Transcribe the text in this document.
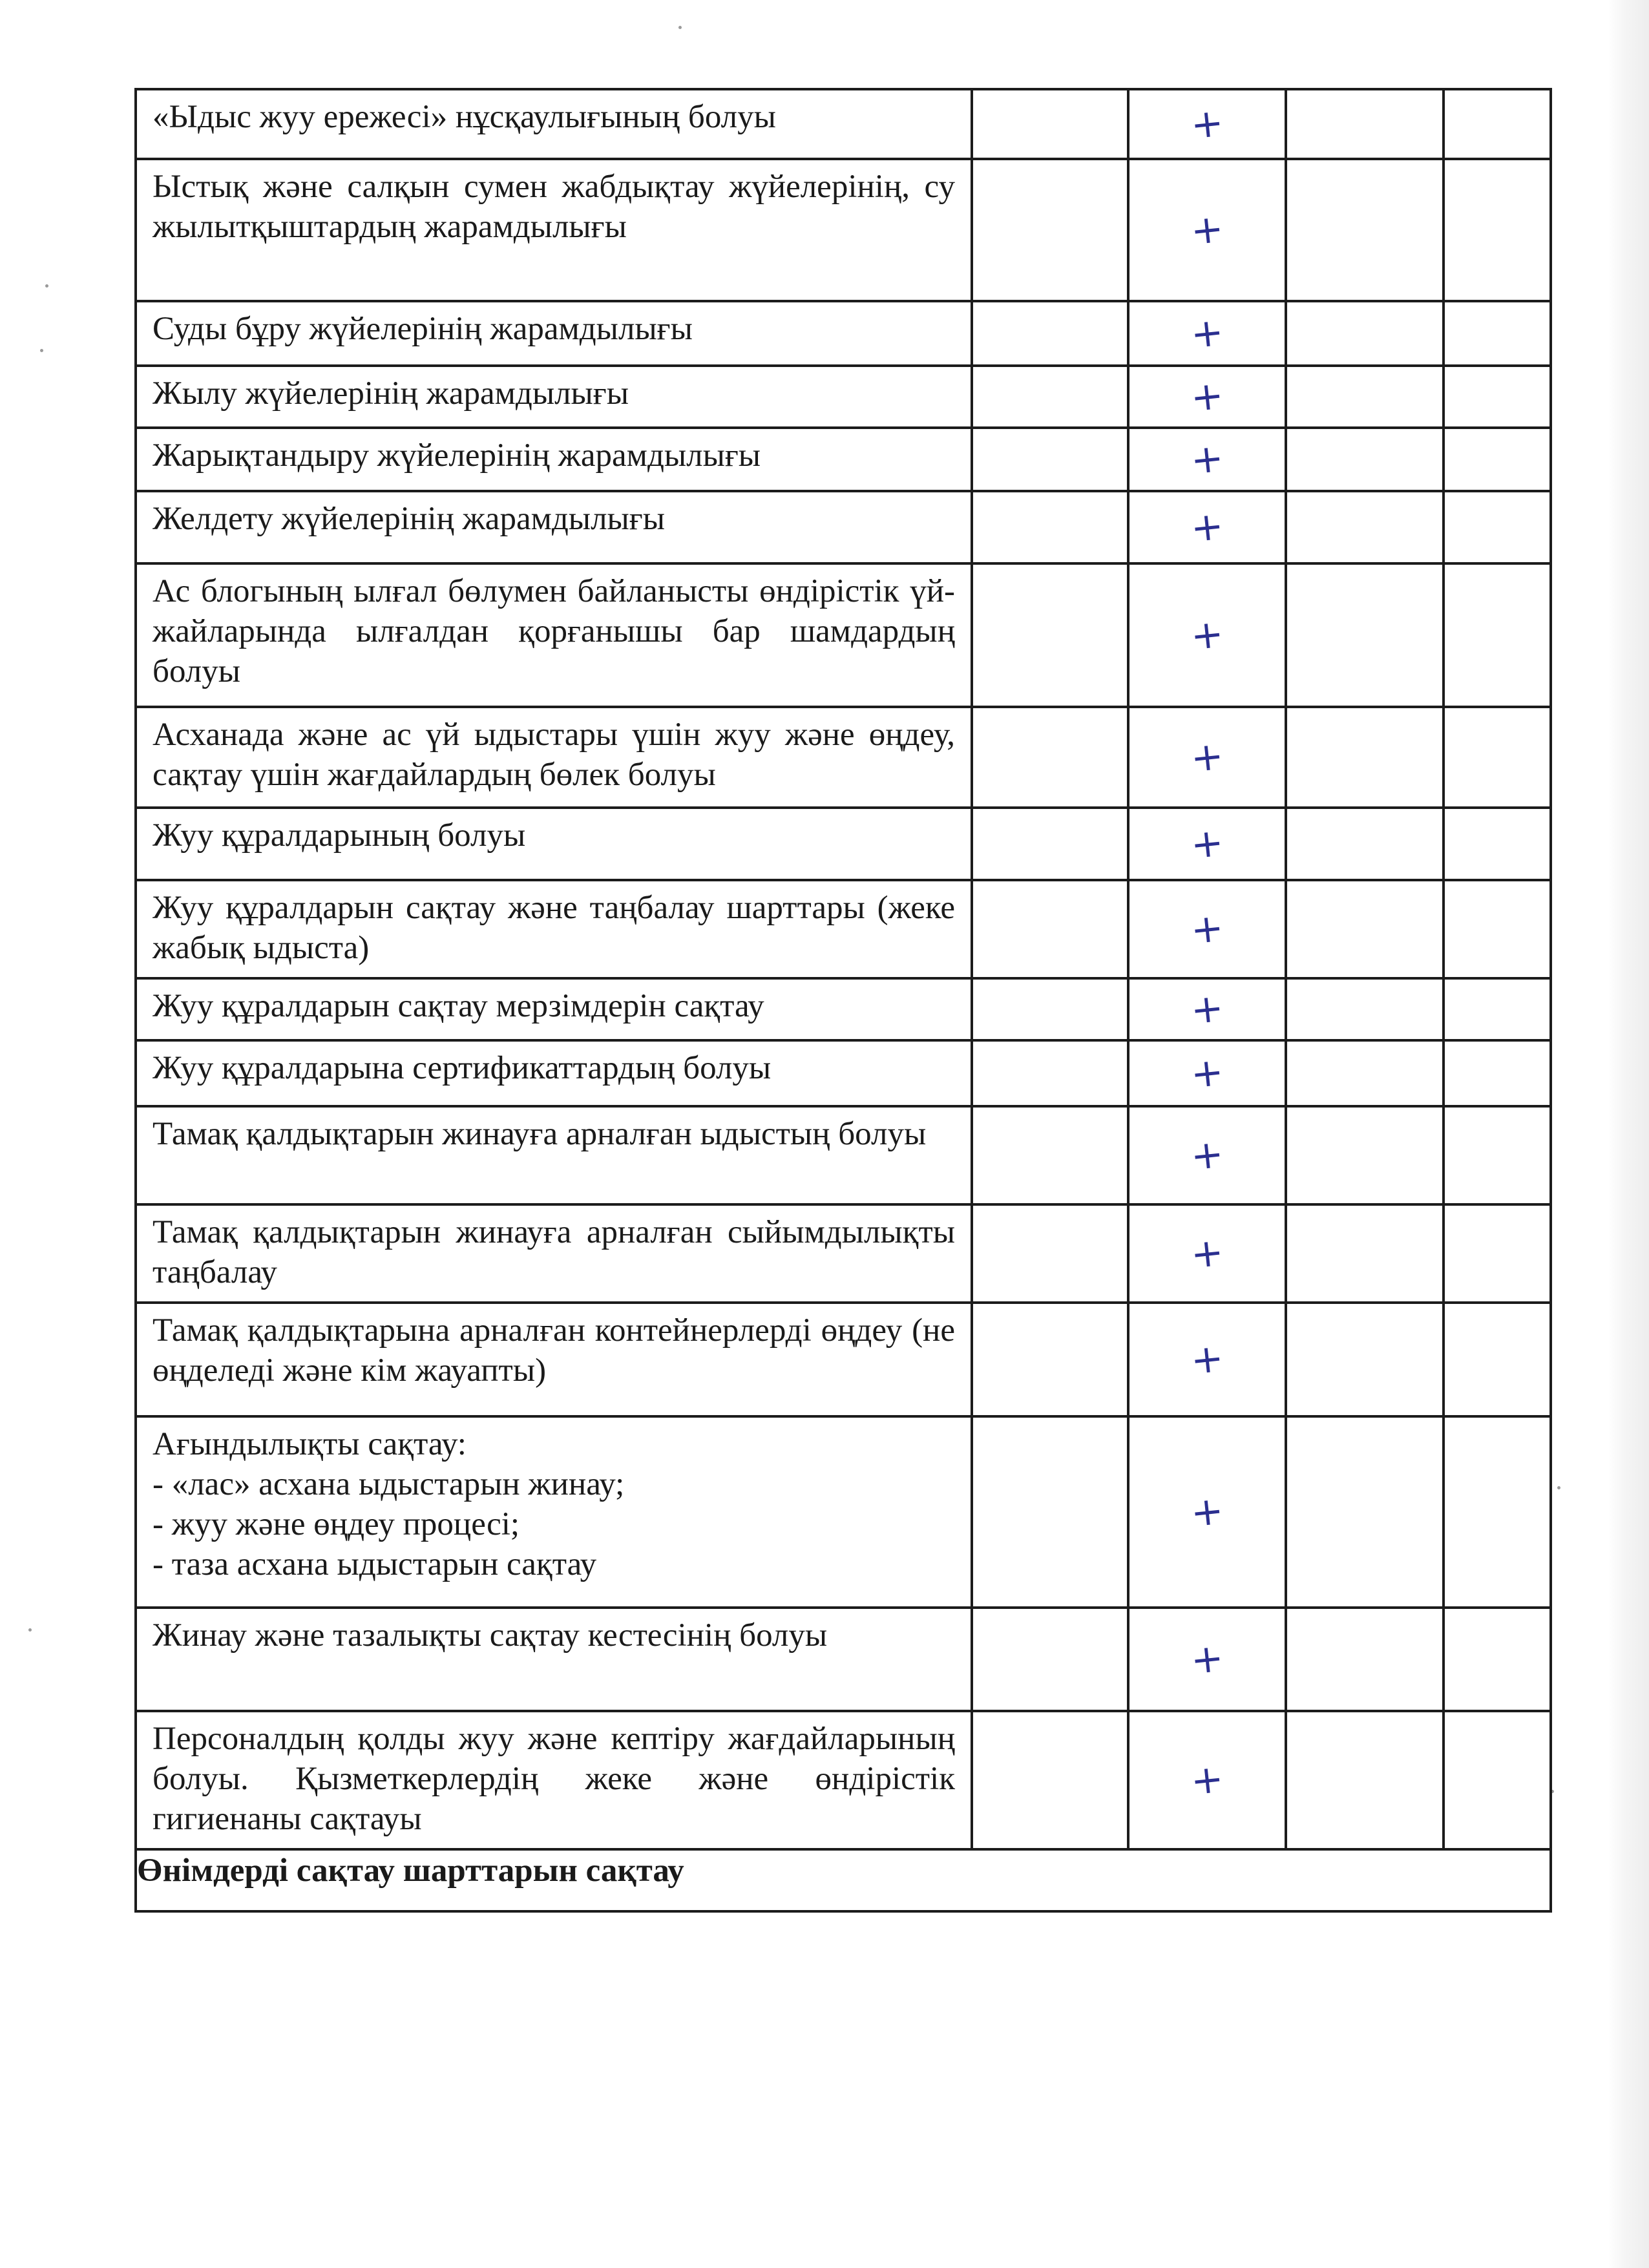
«Ыдыс жуу ережесі» нұсқаулығының болуы		+		

Ыстық және салқын сумен жабдықтау жүйелерінің, су жылытқыштардың жарамдылығы		+		

Суды бұру жүйелерінің жарамдылығы		+		

Жылу жүйелерінің жарамдылығы		+		

Жарықтандыру жүйелерінің жарамдылығы		+		

Желдету жүйелерінің жарамдылығы		+		

Ас блогының ылғал бөлумен байланысты өндірістік үй-жайларында ылғалдан қорғанышы бар шамдардың болуы		+		

Асханада және ас үй ыдыстары үшін жуу және өңдеу, сақтау үшін жағдайлардың бөлек болуы		+		

Жуу құралдарының болуы		+		

Жуу құралдарын сақтау және таңбалау шарттары (жеке жабық ыдыста)		+		

Жуу құралдарын сақтау мерзімдерін сақтау		+		

Жуу құралдарына сертификаттардың болуы		+		

Тамақ қалдықтарын жинауға арналған ыдыстың болуы		+		

Тамақ қалдықтарын жинауға арналған сыйымдылықты таңбалау		+		

Тамақ қалдықтарына арналған контейнерлерді өңдеу (не өңделеді және кім жауапты)		+		

Ағындылықты сақтау:
- «лас» асхана ыдыстарын жинау;
- жуу және өңдеу процесі;
- таза асхана ыдыстарын сақтау		+		

Жинау және тазалықты сақтау кестесінің болуы		+		

Персоналдың қолды жуу және кептіру жағдайларының болуы. Қызметкерлердің жеке және өндірістік гигиенаны сақтауы		+		
Өнімдерді сақтау шарттарын сақтау				
